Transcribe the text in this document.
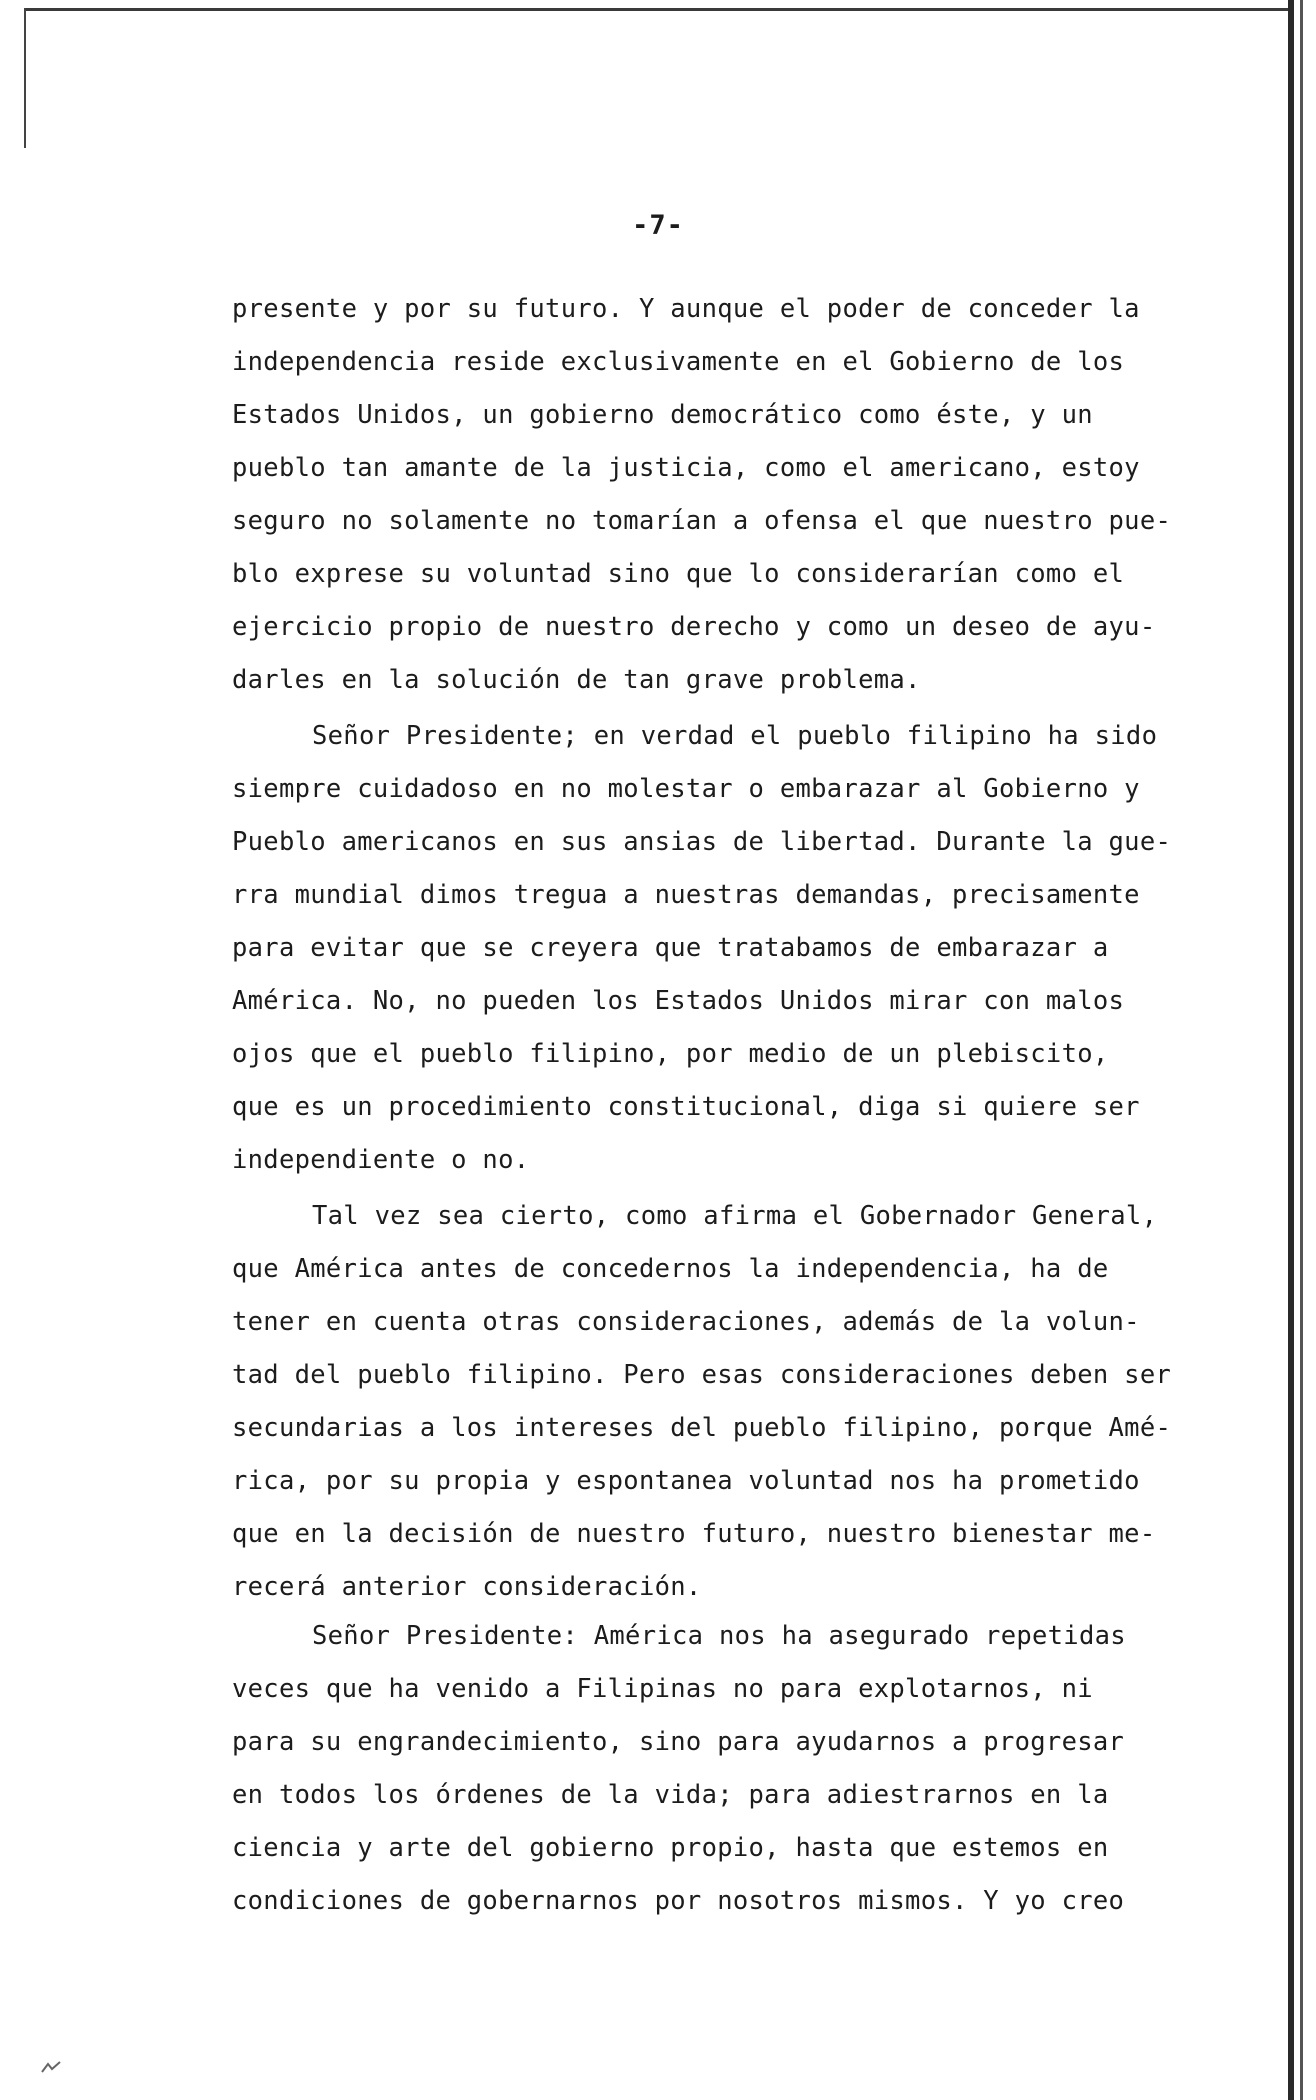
-7-
presente y por su futuro. Y aunque el poder de conceder la
independencia reside exclusivamente en el Gobierno de los
Estados Unidos, un gobierno democrático como éste, y un
pueblo tan amante de la justicia, como el americano, estoy
seguro no solamente no tomarían a ofensa el que nuestro pue-
blo exprese su voluntad sino que lo considerarían como el
ejercicio propio de nuestro derecho y como un deseo de ayu-
darles en la solución de tan grave problema.
Señor Presidente; en verdad el pueblo filipino ha sido
siempre cuidadoso en no molestar o embarazar al Gobierno y
Pueblo americanos en sus ansias de libertad. Durante la gue-
rra mundial dimos tregua a nuestras demandas, precisamente
para evitar que se creyera que tratabamos de embarazar a
América. No, no pueden los Estados Unidos mirar con malos
ojos que el pueblo filipino, por medio de un plebiscito,
que es un procedimiento constitucional, diga si quiere ser
independiente o no.
Tal vez sea cierto, como afirma el Gobernador General,
que América antes de concedernos la independencia, ha de
tener en cuenta otras consideraciones, además de la volun-
tad del pueblo filipino. Pero esas consideraciones deben ser
secundarias a los intereses del pueblo filipino, porque Amé-
rica, por su propia y espontanea voluntad nos ha prometido
que en la decisión de nuestro futuro, nuestro bienestar me-
recerá anterior consideración.
Señor Presidente: América nos ha asegurado repetidas
veces que ha venido a Filipinas no para explotarnos, ni
para su engrandecimiento, sino para ayudarnos a progresar
en todos los órdenes de la vida; para adiestrarnos en la
ciencia y arte del gobierno propio, hasta que estemos en
condiciones de gobernarnos por nosotros mismos. Y yo creo
